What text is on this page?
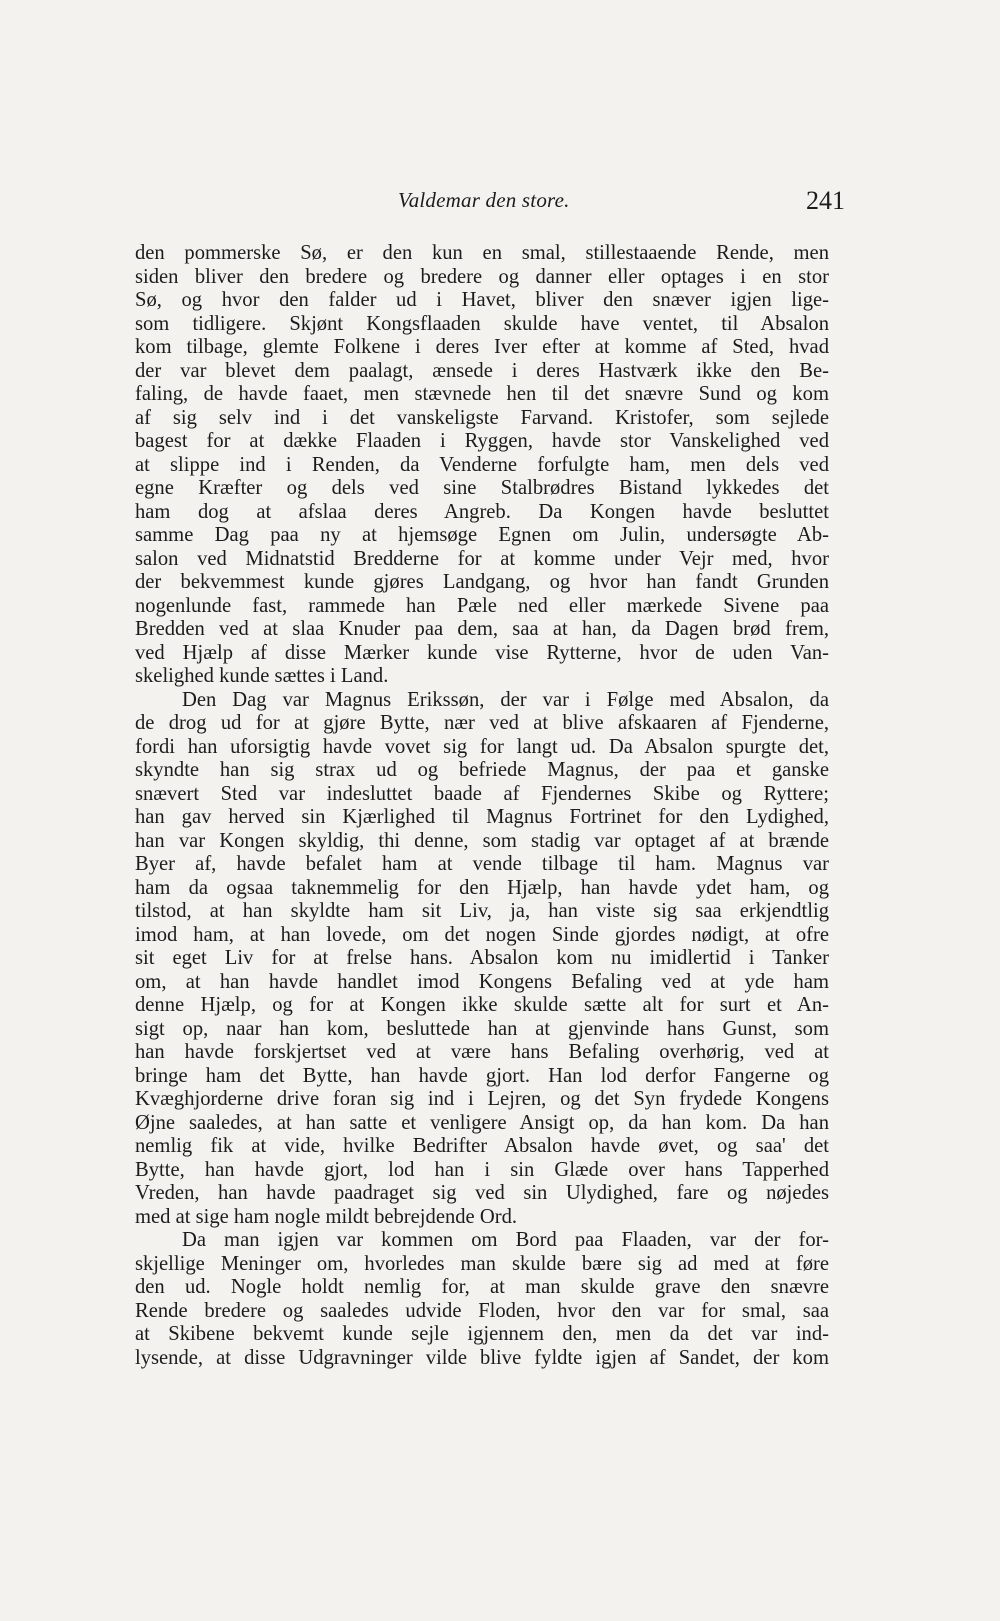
Valdemar den store.	241
den pommerske Sø, er den kun en smal, stillestaaende Rende, men
siden bliver den bredere og bredere og danner eller optages i en stor
Sø, og hvor den falder ud i Havet, bliver den snæver igjen lige-
som tidligere. Skjønt Kongsflaaden skulde have ventet, til Absalon
kom tilbage, glemte Folkene i deres Iver efter at komme af Sted, hvad
der var blevet dem paalagt, ænsede i deres Hastværk ikke den Be-
faling, de havde faaet, men stævnede hen til det snævre Sund og kom
af sig selv ind i det vanskeligste Farvand. Kristofer, som sejlede
bagest for at dække Flaaden i Ryggen, havde stor Vanskelighed ved
at slippe ind i Renden, da Venderne forfulgte ham, men dels ved
egne Kræfter og dels ved sine Stalbrødres Bistand lykkedes det
ham dog at afslaa deres Angreb. Da Kongen havde besluttet
samme Dag paa ny at hjemsøge Egnen om Julin, undersøgte Ab-
salon ved Midnatstid Bredderne for at komme under Vejr med, hvor
der bekvemmest kunde gjøres Landgang, og hvor han fandt Grunden
nogenlunde fast, rammede han Pæle ned eller mærkede Sivene paa
Bredden ved at slaa Knuder paa dem, saa at han, da Dagen brød frem,
ved Hjælp af disse Mærker kunde vise Rytterne, hvor de uden Van-
skelighed kunde sættes i Land.
Den Dag var Magnus Erikssøn, der var i Følge med Absalon, da
de drog ud for at gjøre Bytte, nær ved at blive afskaaren af Fjenderne,
fordi han uforsigtig havde vovet sig for langt ud. Da Absalon spurgte det,
skyndte han sig strax ud og befriede Magnus, der paa et ganske
snævert Sted var indesluttet baade af Fjendernes Skibe og Ryttere;
han gav herved sin Kjærlighed til Magnus Fortrinet for den Lydighed,
han var Kongen skyldig, thi denne, som stadig var optaget af at brænde
Byer af, havde befalet ham at vende tilbage til ham. Magnus var
ham da ogsaa taknemmelig for den Hjælp, han havde ydet ham, og
tilstod, at han skyldte ham sit Liv, ja, han viste sig saa erkjendtlig
imod ham, at han lovede, om det nogen Sinde gjordes nødigt, at ofre
sit eget Liv for at frelse hans. Absalon kom nu imidlertid i Tanker
om, at han havde handlet imod Kongens Befaling ved at yde ham
denne Hjælp, og for at Kongen ikke skulde sætte alt for surt et An-
sigt op, naar han kom, besluttede han at gjenvinde hans Gunst, som
han havde forskjertset ved at være hans Befaling overhørig, ved at
bringe ham det Bytte, han havde gjort. Han lod derfor Fangerne og
Kvæghjorderne drive foran sig ind i Lejren, og det Syn frydede Kongens
Øjne saaledes, at han satte et venligere Ansigt op, da han kom. Da han
nemlig fik at vide, hvilke Bedrifter Absalon havde øvet, og saa' det
Bytte, han havde gjort, lod han i sin Glæde over hans Tapperhed
Vreden, han havde paadraget sig ved sin Ulydighed, fare og nøjedes
med at sige ham nogle mildt bebrejdende Ord.
Da man igjen var kommen om Bord paa Flaaden, var der for-
skjellige Meninger om, hvorledes man skulde bære sig ad med at føre
den ud. Nogle holdt nemlig for, at man skulde grave den snævre
Rende bredere og saaledes udvide Floden, hvor den var for smal, saa
at Skibene bekvemt kunde sejle igjennem den, men da det var ind-
lysende, at disse Udgravninger vilde blive fyldte igjen af Sandet, der kom
